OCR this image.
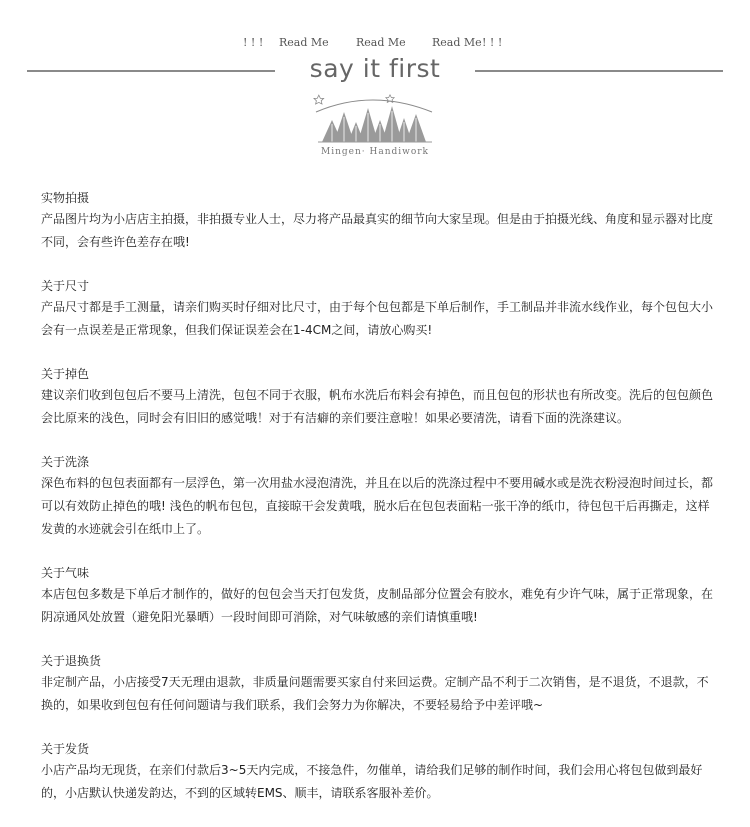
! ! ! Read Me Read Me Read Me ! ! !
say it first
Mingen· Handiwork
实物拍摄

产品图片均为小店店主拍摄，非拍摄专业人士，尽力将产品最真实的细节向大家呈现。但是由于拍摄光线、角度和显示器对比度不同，会有些许色差存在哦!

关于尺寸

产品尺寸都是手工测量，请亲们购买时仔细对比尺寸，由于每个包包都是下单后制作，手工制品并非流水线作业，每个包包大小会有一点误差是正常现象，但我们保证误差会在1-4CM之间，请放心购买!

关于掉色

建议亲们收到包包后不要马上清洗，包包不同于衣服，帆布水洗后布料会有掉色，而且包包的形状也有所改变。洗后的包包颜色会比原来的浅色，同时会有旧旧的感觉哦！对于有洁癖的亲们要注意啦！如果必要清洗，请看下面的洗涤建议。

关于洗涤

深色布料的包包表面都有一层浮色，第一次用盐水浸泡清洗，并且在以后的洗涤过程中不要用碱水或是洗衣粉浸泡时间过长，都可以有效防止掉色的哦! 浅色的帆布包包，直接晾干会发黄哦，脱水后在包包表面粘一张干净的纸巾，待包包干后再撕走，这样发黄的水迹就会引在纸巾上了。

关于气味

本店包包多数是下单后才制作的，做好的包包会当天打包发货，皮制品部分位置会有胶水，难免有少许气味，属于正常现象，在阴凉通风处放置（避免阳光暴晒）一段时间即可消除，对气味敏感的亲们请慎重哦!

关于退换货

非定制产品，小店接受7天无理由退款，非质量问题需要买家自付来回运费。定制产品不利于二次销售，是不退货，不退款，不换的，如果收到包包有任何问题请与我们联系，我们会努力为你解决，不要轻易给予中差评哦~

关于发货

小店产品均无现货，在亲们付款后3~5天内完成，不接急件，勿催单，请给我们足够的制作时间，我们会用心将包包做到最好的，小店默认快递发韵达，不到的区域转EMS、顺丰，请联系客服补差价。
